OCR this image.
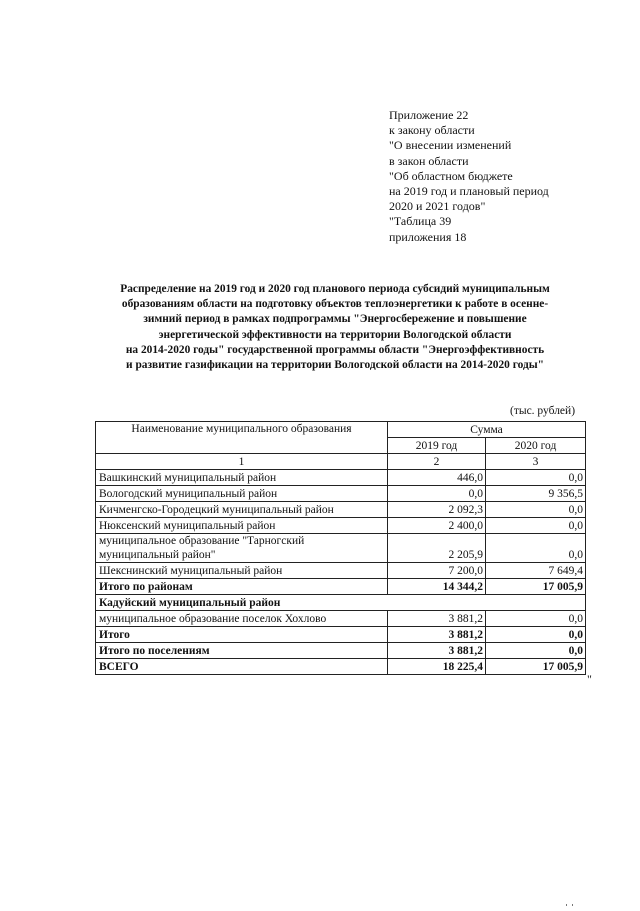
Приложение 22
к закону области
"О внесении изменений
в закон области
"Об областном бюджете
на 2019 год и плановый период
2020 и 2021 годов"
"Таблица 39
приложения 18
Распределение на 2019 год и 2020 год планового периода субсидий муниципальным
образованиям области на подготовку объектов теплоэнергетики к работе в осенне-
зимний период в рамках подпрограммы "Энергосбережение и повышение
энергетической эффективности на территории Вологодской области
на 2014-2020 годы" государственной программы области "Энергоэффективность
и развитие газификации на территории Вологодской области на 2014-2020 годы"
(тыс. рублей)
Наименование муниципального образования	Сумма	
	2019 год	2020 год
1	2	3
Вашкинский муниципальный район	446,0	0,0
Вологодский муниципальный район	0,0	9 356,5
Кичменгско-Городецкий муниципальный район	2 092,3	0,0
Нюксенский муниципальный район	2 400,0	0,0
муниципальное образование "Тарногский муниципальный район"	2 205,9	0,0
Шекснинский муниципальный район	7 200,0	7 649,4
Итого по районам	14 344,2	17 005,9
Кадуйский муниципальный район		
муниципальное образование поселок Хохлово	3 881,2	0,0
Итого	3 881,2	0,0
Итого по поселениям	3 881,2	0,0
ВСЕГО	18 225,4	17 005,9
"
